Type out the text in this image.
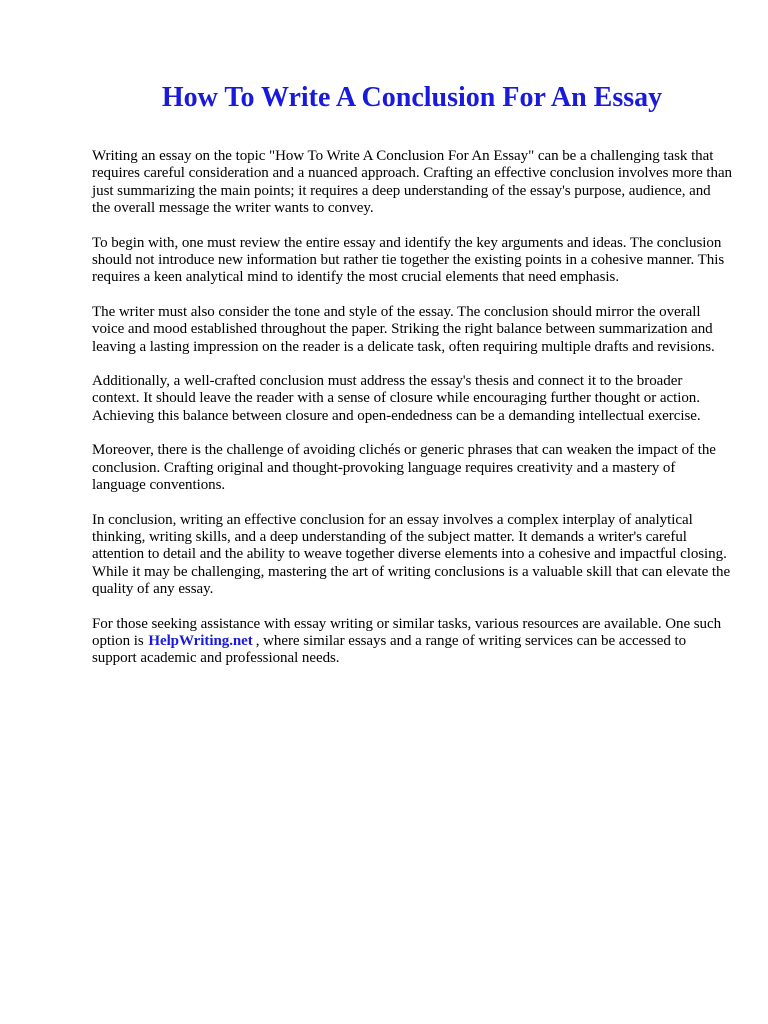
How To Write A Conclusion For An Essay

Writing an essay on the topic "How To Write A Conclusion For An Essay" can be a challenging task that requires careful consideration and a nuanced approach. Crafting an effective conclusion involves more than just summarizing the main points; it requires a deep understanding of the essay's purpose, audience, and the overall message the writer wants to convey.

To begin with, one must review the entire essay and identify the key arguments and ideas. The conclusion should not introduce new information but rather tie together the existing points in a cohesive manner. This requires a keen analytical mind to identify the most crucial elements that need emphasis.

The writer must also consider the tone and style of the essay. The conclusion should mirror the overall voice and mood established throughout the paper. Striking the right balance between summarization and leaving a lasting impression on the reader is a delicate task, often requiring multiple drafts and revisions.

Additionally, a well-crafted conclusion must address the essay's thesis and connect it to the broader context. It should leave the reader with a sense of closure while encouraging further thought or action. Achieving this balance between closure and open-endedness can be a demanding intellectual exercise.

Moreover, there is the challenge of avoiding clichés or generic phrases that can weaken the impact of the conclusion. Crafting original and thought-provoking language requires creativity and a mastery of language conventions.

In conclusion, writing an effective conclusion for an essay involves a complex interplay of analytical thinking, writing skills, and a deep understanding of the subject matter. It demands a writer's careful attention to detail and the ability to weave together diverse elements into a cohesive and impactful closing. While it may be challenging, mastering the art of writing conclusions is a valuable skill that can elevate the quality of any essay.

For those seeking assistance with essay writing or similar tasks, various resources are available. One such option is HelpWriting.net , where similar essays and a range of writing services can be accessed to support academic and professional needs.
